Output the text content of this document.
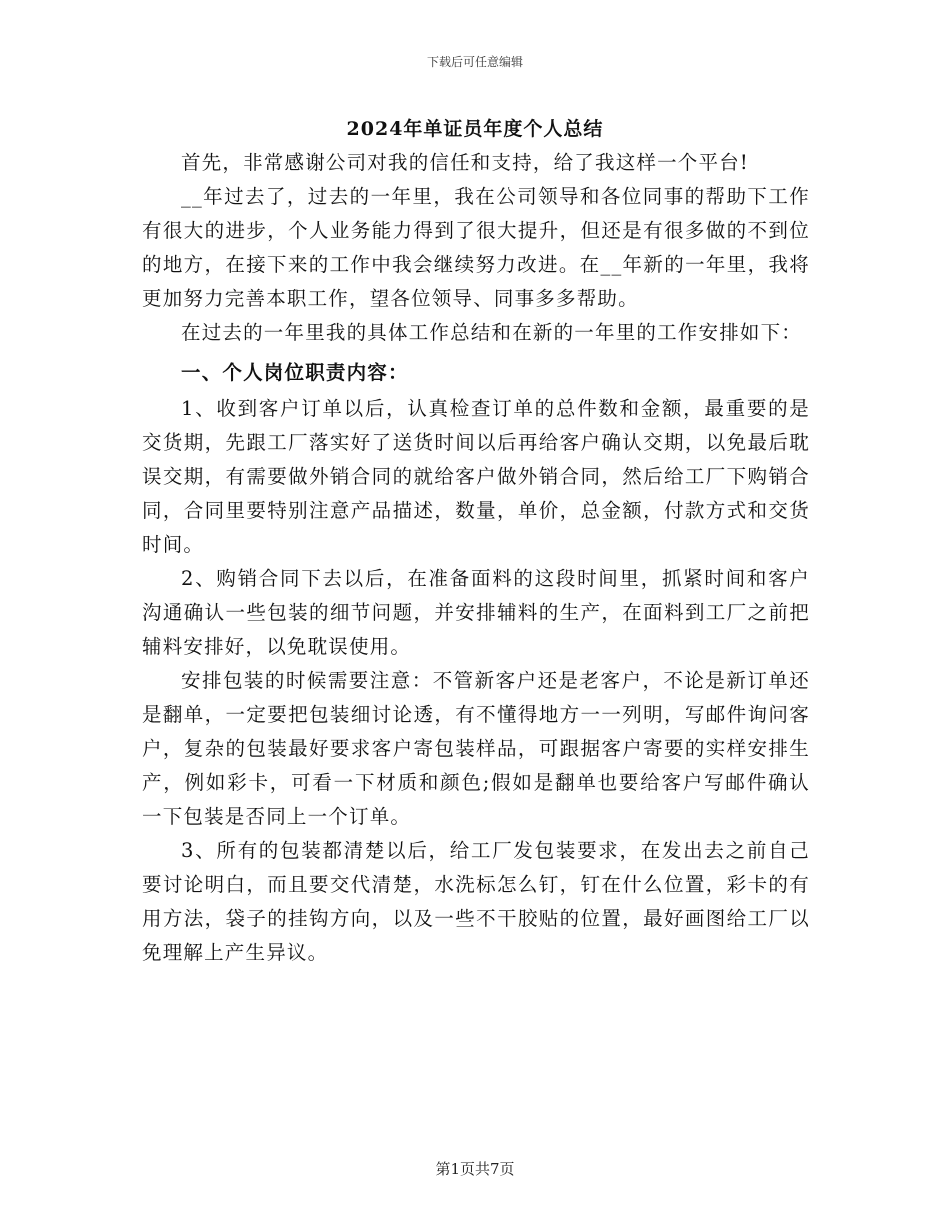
下载后可任意编辑
2024年单证员年度个人总结

首先，非常感谢公司对我的信任和支持，给了我这样一个平台!

__年过去了，过去的一年里，我在公司领导和各位同事的帮助下工作有很大的进步，个人业务能力得到了很大提升，但还是有很多做的不到位的地方，在接下来的工作中我会继续努力改进。在__年新的一年里，我将更加努力完善本职工作，望各位领导、同事多多帮助。

在过去的一年里我的具体工作总结和在新的一年里的工作安排如下：

一、个人岗位职责内容：

1、收到客户订单以后，认真检查订单的总件数和金额，最重要的是交货期，先跟工厂落实好了送货时间以后再给客户确认交期，以免最后耽误交期，有需要做外销合同的就给客户做外销合同，然后给工厂下购销合同，合同里要特别注意产品描述，数量，单价，总金额，付款方式和交货时间。

2、购销合同下去以后，在准备面料的这段时间里，抓紧时间和客户沟通确认一些包装的细节问题，并安排辅料的生产，在面料到工厂之前把辅料安排好，以免耽误使用。

安排包装的时候需要注意：不管新客户还是老客户，不论是新订单还是翻单，一定要把包装细讨论透，有不懂得地方一一列明，写邮件询问客户，复杂的包装最好要求客户寄包装样品，可跟据客户寄要的实样安排生产，例如彩卡，可看一下材质和颜色;假如是翻单也要给客户写邮件确认一下包装是否同上一个订单。

3、所有的包装都清楚以后，给工厂发包装要求，在发出去之前自己要讨论明白，而且要交代清楚，水洗标怎么钉，钉在什么位置，彩卡的有用方法，袋子的挂钩方向，以及一些不干胶贴的位置，最好画图给工厂以免理解上产生异议。

第1页共7页
